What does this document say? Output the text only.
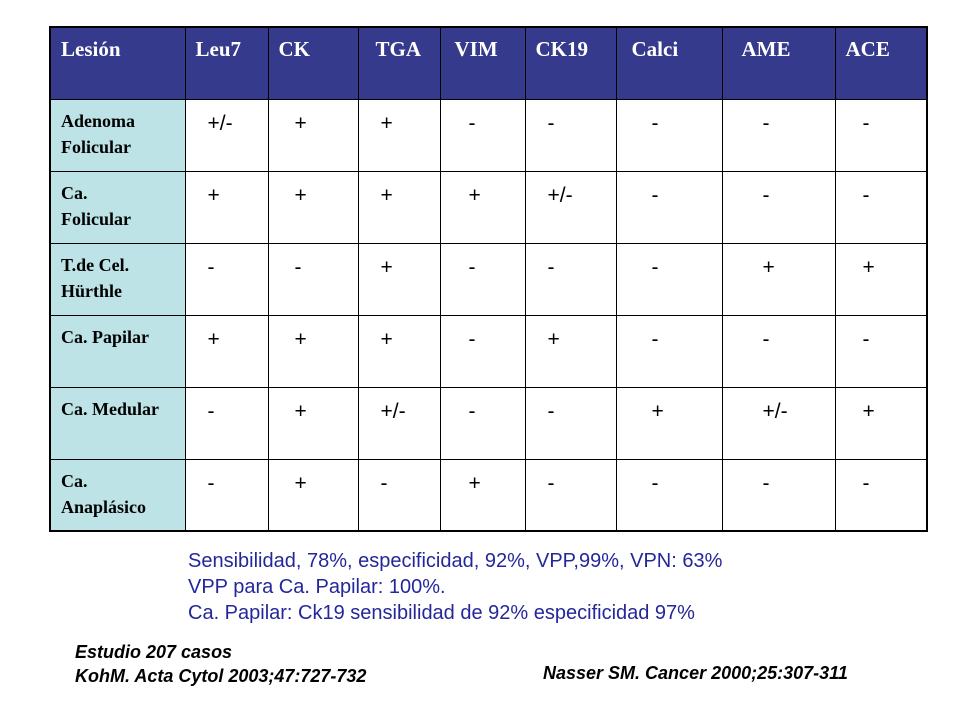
Lesión	Leu7	CK	TGA	VIM	CK19	Calci	AME	ACE

Adenoma
Folicular	+/-	+	+	-	-	-	-	-

Ca.
Folicular	+	+	+	+	+/-	-	-	-

T.de Cel.
Hürthle	-	-	+	-	-	-	+	+

Ca. Papilar	+	+	+	-	+	-	-	-

Ca. Medular	-	+	+/-	-	-	+	+/-	+

Ca.
Anaplásico	-	+	-	+	-	-	-	-
Sensibilidad, 78%, especificidad, 92%, VPP,99%, VPN: 63%
VPP para Ca. Papilar: 100%.
Ca. Papilar: Ck19 sensibilidad de 92% especificidad 97%
Estudio 207 casos
KohM. Acta Cytol 2003;47:727-732	Nasser SM. Cancer 2000;25:307-311
